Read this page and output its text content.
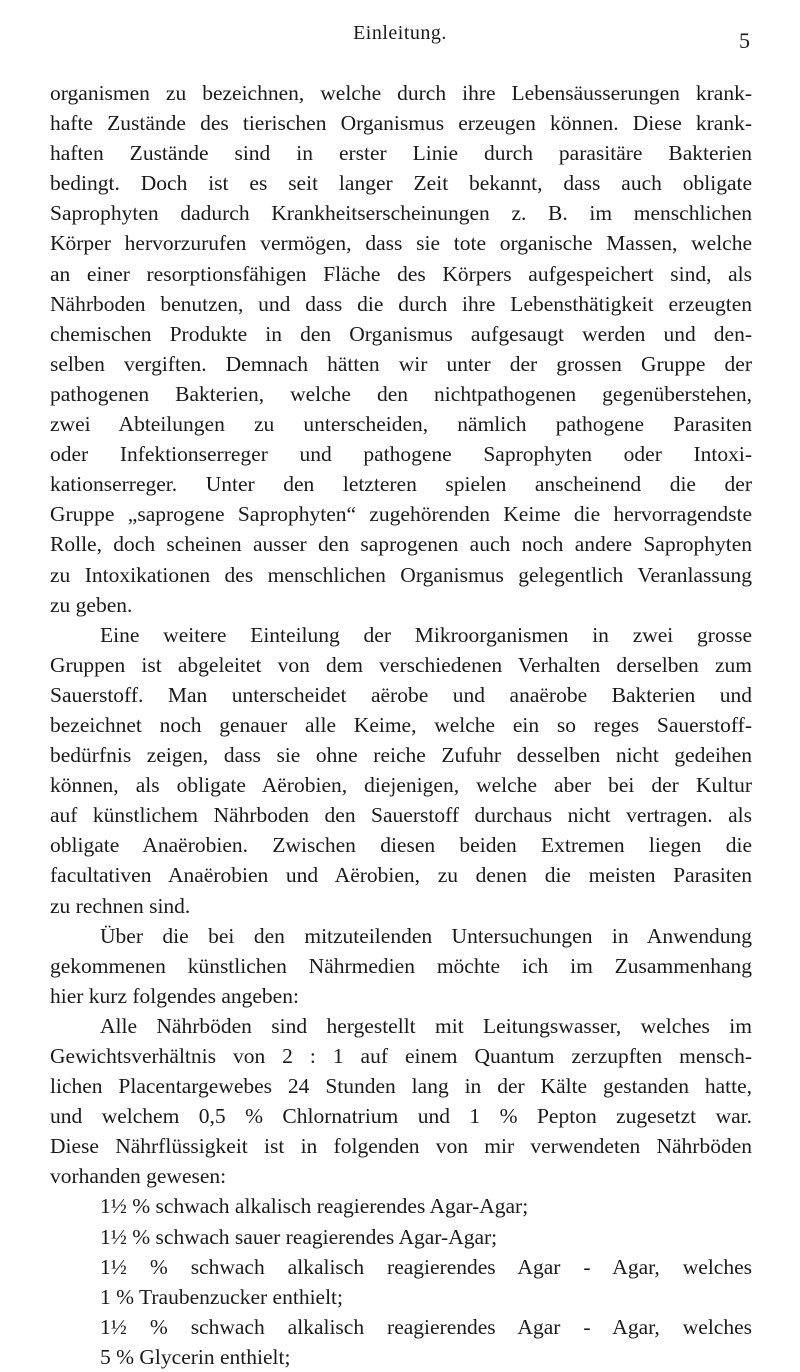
Einleitung.	5

organismen zu bezeichnen, welche durch ihre Lebensäusserungen krank-
hafte Zustände des tierischen Organismus erzeugen können. Diese krank-
haften Zustände sind in erster Linie durch parasitäre Bakterien
bedingt. Doch ist es seit langer Zeit bekannt, dass auch obligate
Saprophyten dadurch Krankheitserscheinungen z. B. im menschlichen
Körper hervorzurufen vermögen, dass sie tote organische Massen, welche
an einer resorptionsfähigen Fläche des Körpers aufgespeichert sind, als
Nährboden benutzen, und dass die durch ihre Lebensthätigkeit erzeugten
chemischen Produkte in den Organismus aufgesaugt werden und den-
selben vergiften. Demnach hätten wir unter der grossen Gruppe der
pathogenen Bakterien, welche den nichtpathogenen gegenüberstehen,
zwei Abteilungen zu unterscheiden, nämlich pathogene Parasiten
oder Infektionserreger und pathogene Saprophyten oder Intoxi-
kationserreger. Unter den letzteren spielen anscheinend die der
Gruppe „saprogene Saprophyten“ zugehörenden Keime die hervorragendste
Rolle, doch scheinen ausser den saprogenen auch noch andere Saprophyten
zu Intoxikationen des menschlichen Organismus gelegentlich Veranlassung
zu geben.

Eine weitere Einteilung der Mikroorganismen in zwei grosse
Gruppen ist abgeleitet von dem verschiedenen Verhalten derselben zum
Sauerstoff. Man unterscheidet aërobe und anaërobe Bakterien und
bezeichnet noch genauer alle Keime, welche ein so reges Sauerstoff-
bedürfnis zeigen, dass sie ohne reiche Zufuhr desselben nicht gedeihen
können, als obligate Aërobien, diejenigen, welche aber bei der Kultur
auf künstlichem Nährboden den Sauerstoff durchaus nicht vertragen. als
obligate Anaërobien. Zwischen diesen beiden Extremen liegen die
facultativen Anaërobien und Aërobien, zu denen die meisten Parasiten
zu rechnen sind.

Über die bei den mitzuteilenden Untersuchungen in Anwendung
gekommenen künstlichen Nährmedien möchte ich im Zusammenhang
hier kurz folgendes angeben:

Alle Nährböden sind hergestellt mit Leitungswasser, welches im
Gewichtsverhältnis von 2 : 1 auf einem Quantum zerzupften mensch-
lichen Placentargewebes 24 Stunden lang in der Kälte gestanden hatte,
und welchem 0,5 % Chlornatrium und 1 % Pepton zugesetzt war.
Diese Nährflüssigkeit ist in folgenden von mir verwendeten Nährböden
vorhanden gewesen:

1½ % schwach alkalisch reagierendes Agar-Agar;
1½ % schwach sauer reagierendes Agar-Agar;
1½ % schwach alkalisch reagierendes Agar - Agar, welches
1 % Traubenzucker enthielt;
1½ % schwach alkalisch reagierendes Agar - Agar, welches
5 % Glycerin enthielt;
